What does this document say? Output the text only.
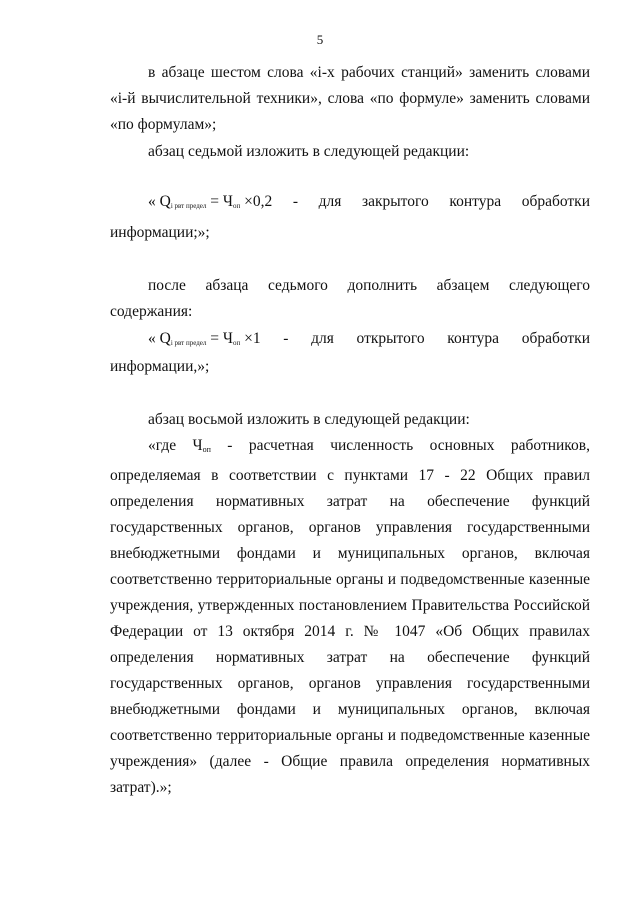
5
в абзаце шестом слова «i-х рабочих станций» заменить словами «i-й вычислительной техники», слова «по формуле» заменить словами «по формулам»;
абзац седьмой изложить в следующей редакции:
« $Q_{i рвт предел}$ = Чоп ×0,2 - для закрытого контура обработки
информации;»;
после абзаца седьмого дополнить абзацем следующего содержания:
« $Q_{i рвт предел}$ = Чоп ×1 - для открытого контура обработки
информации,»;
абзац восьмой изложить в следующей редакции:
«где Чоп - расчетная численность основных работников, определяемая в соответствии с пунктами 17 - 22 Общих правил определения нормативных затрат на обеспечение функций государственных органов, органов управления государственными внебюджетными фондами и муниципальных органов, включая соответственно территориальные органы и подведомственные казенные учреждения, утвержденных постановлением Правительства Российской Федерации от 13 октября 2014 г. № 1047 «Об Общих правилах определения нормативных затрат на обеспечение функций государственных органов, органов управления государственными внебюджетными фондами и муниципальных органов, включая соответственно территориальные органы и подведомственные казенные учреждения» (далее - Общие правила определения нормативных затрат).»;
